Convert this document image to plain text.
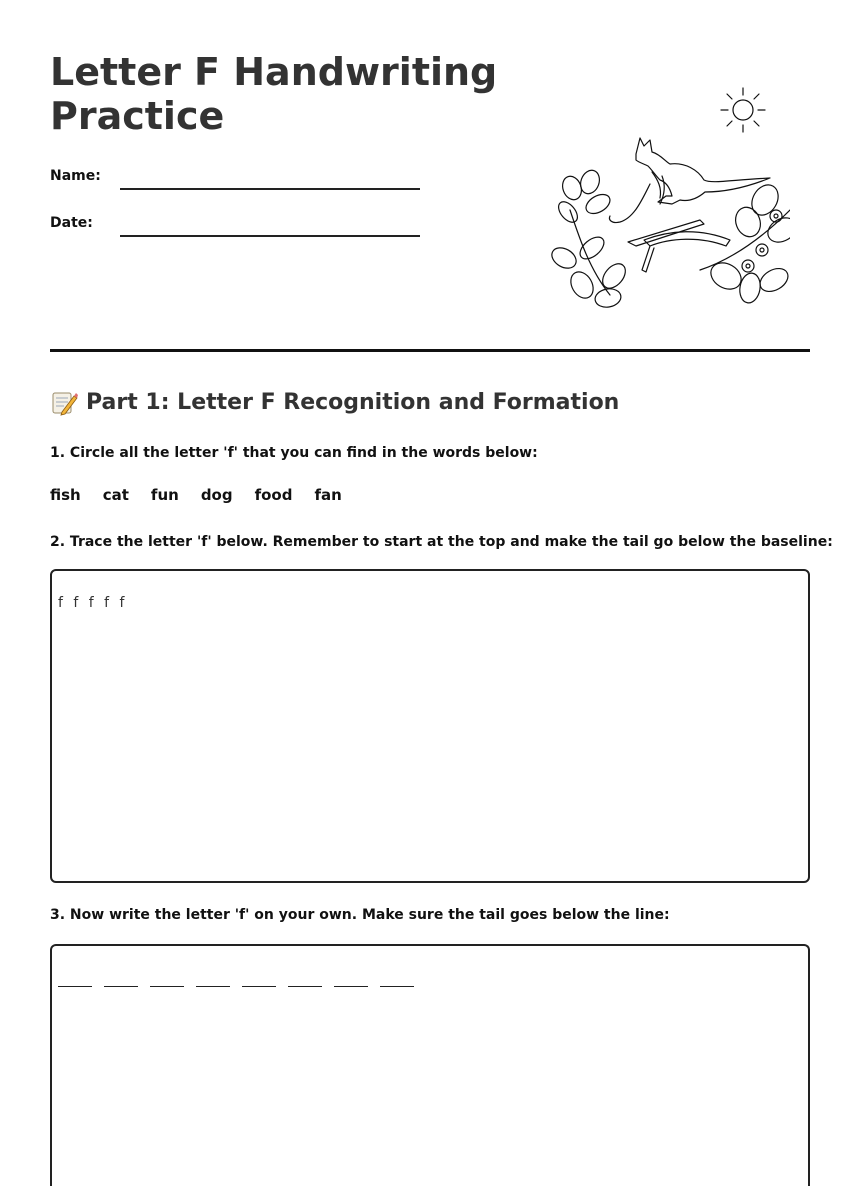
Letter F Handwriting Practice
Name:
Date:
Part 1: Letter F Recognition and Formation

1. Circle all the letter 'f' that you can find in the words below:

fish cat fun dog food fan

2. Trace the letter 'f' below. Remember to start at the top and make the tail go below the baseline:

f f f f f

3. Now write the letter 'f' on your own. Make sure the tail goes below the line:
